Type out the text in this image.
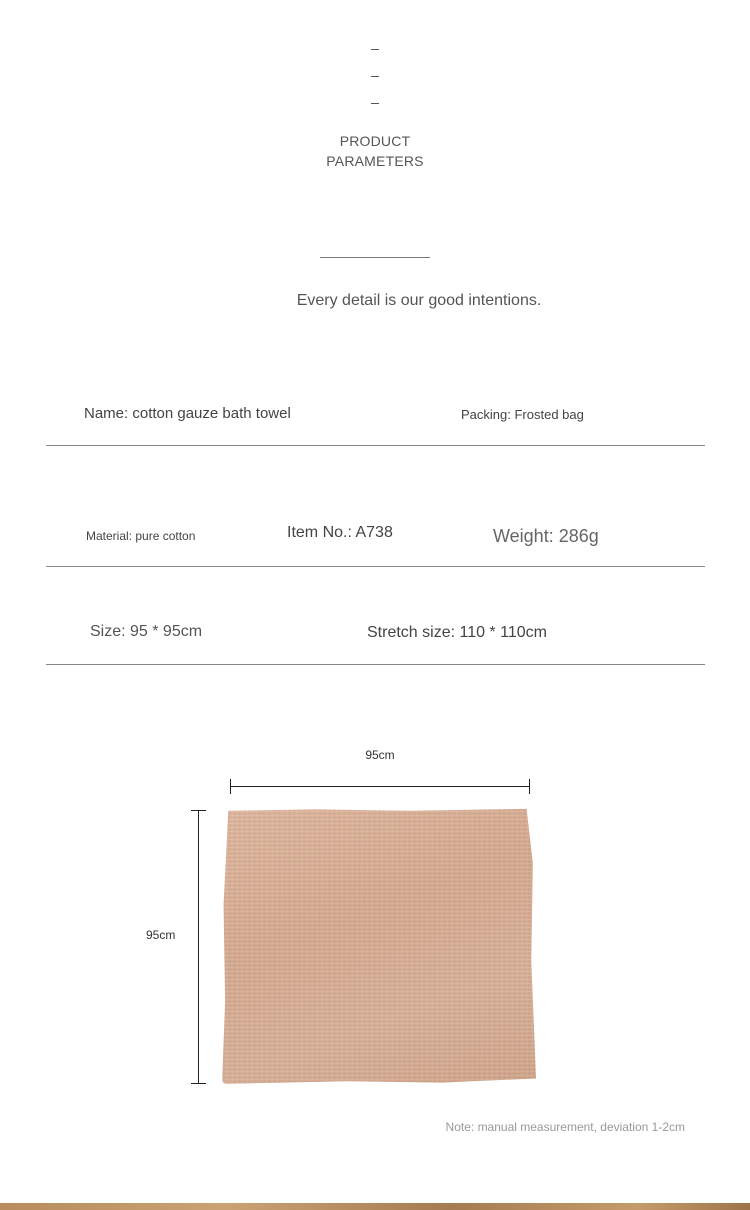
PRODUCT
PARAMETERS
Every detail is our good intentions.
Name: cotton gauze bath towel	Packing: Frosted bag
Material: pure cotton	Item No.: A738	Weight: 286g
Size: 95 * 95cm	Stretch size: 110 * 110cm
95cm
95cm
Note: manual measurement, deviation 1-2cm
